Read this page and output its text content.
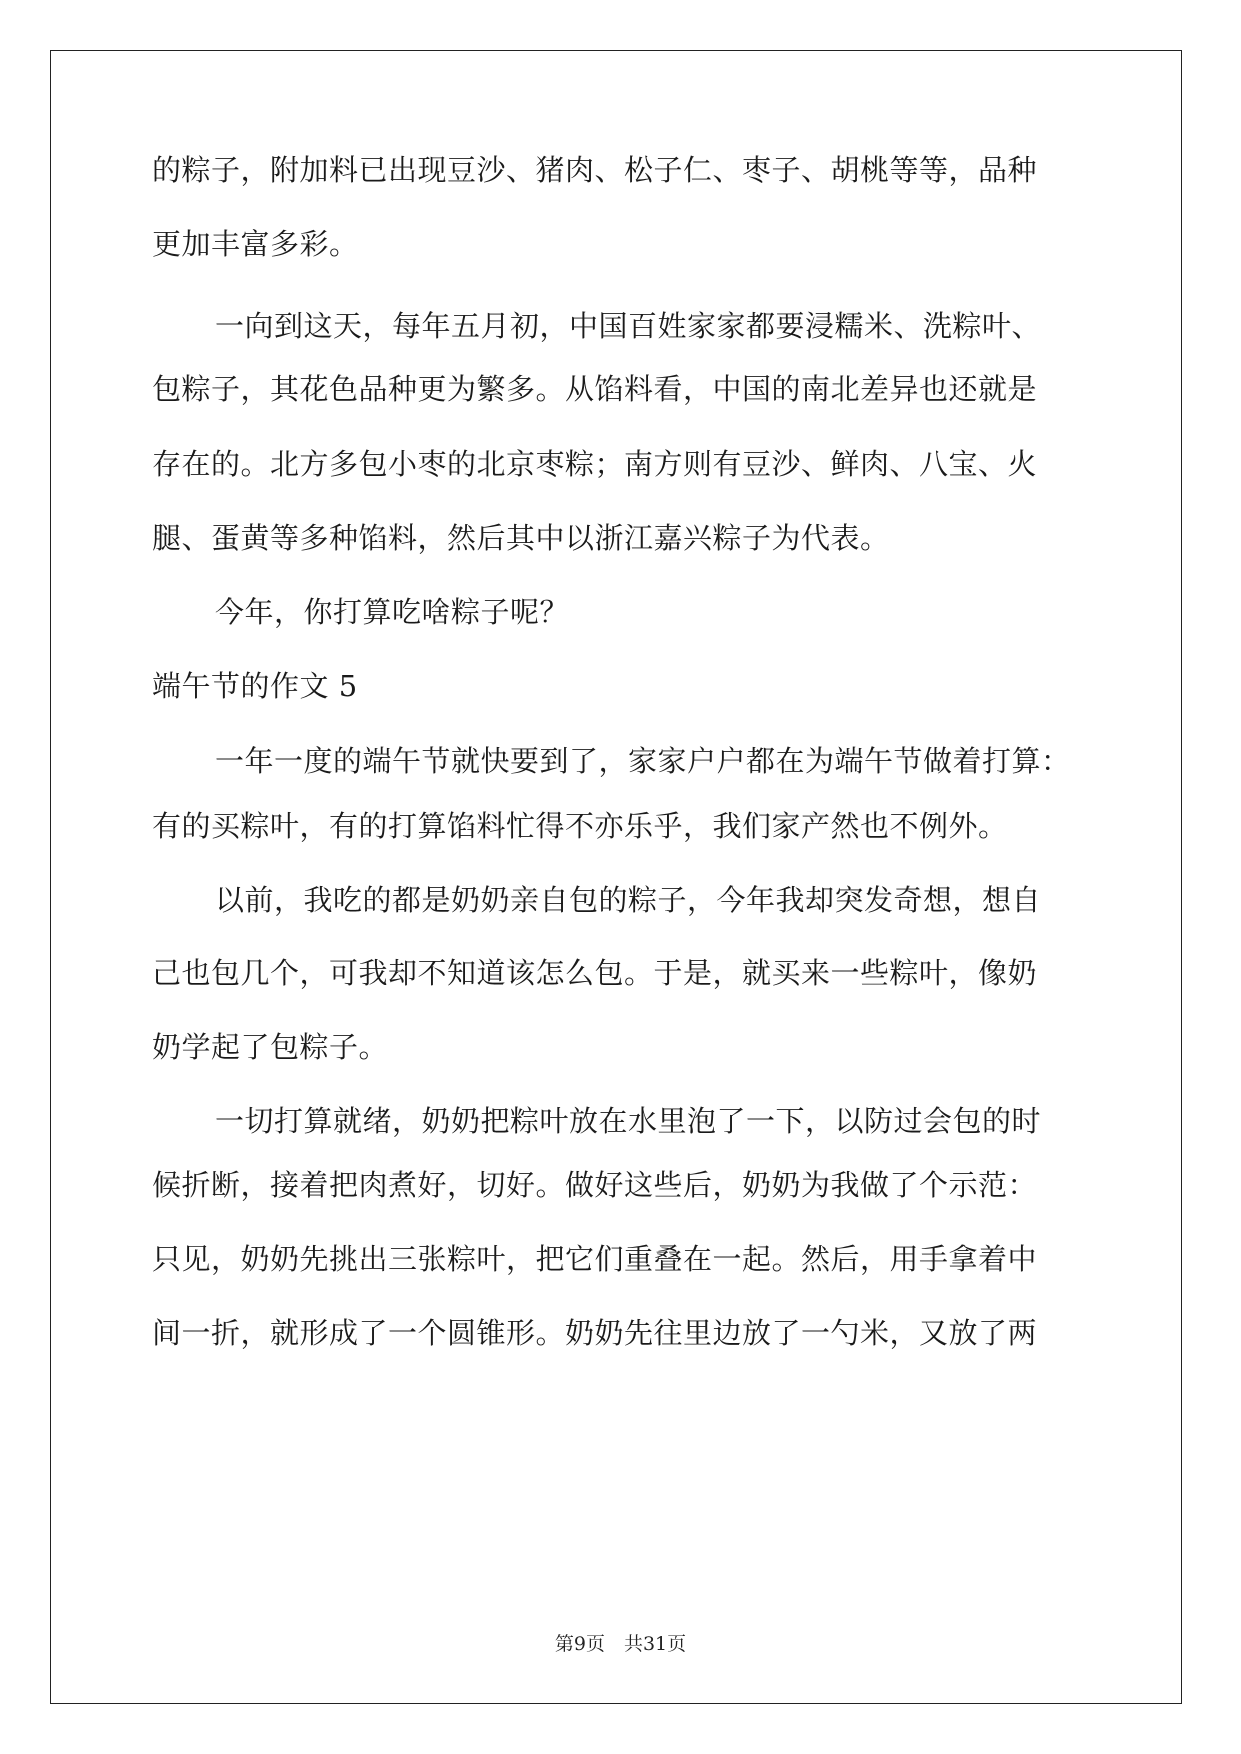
的粽子，附加料已出现豆沙、猪肉、松子仁、枣子、胡桃等等，品种
更加丰富多彩。
一向到这天，每年五月初，中国百姓家家都要浸糯米、洗粽叶、
包粽子，其花色品种更为繁多。从馅料看，中国的南北差异也还就是
存在的。北方多包小枣的北京枣粽；南方则有豆沙、鲜肉、八宝、火
腿、蛋黄等多种馅料，然后其中以浙江嘉兴粽子为代表。
今年，你打算吃啥粽子呢？
端午节的作文 5
一年一度的端午节就快要到了，家家户户都在为端午节做着打算：
有的买粽叶，有的打算馅料忙得不亦乐乎，我们家产然也不例外。
以前，我吃的都是奶奶亲自包的粽子，今年我却突发奇想，想自
己也包几个，可我却不知道该怎么包。于是，就买来一些粽叶，像奶
奶学起了包粽子。
一切打算就绪，奶奶把粽叶放在水里泡了一下，以防过会包的时
候折断，接着把肉煮好，切好。做好这些后，奶奶为我做了个示范：
只见，奶奶先挑出三张粽叶，把它们重叠在一起。然后，用手拿着中
间一折，就形成了一个圆锥形。奶奶先往里边放了一勺米，又放了两
第9页　共31页
